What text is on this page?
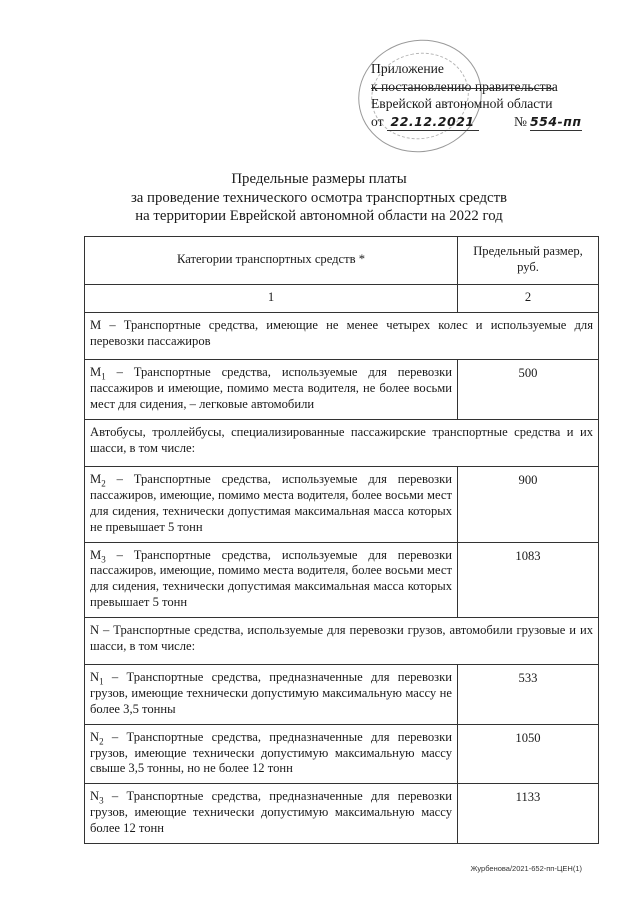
Приложение
к постановлению правительства
Еврейской автономной области
от 22.12.2021	№ 554-пп
Предельные размеры платы
за проведение технического осмотра транспортных средств
на территории Еврейской автономной области на 2022 год
Категории транспортных средств *	Предельный размер, руб.
1	2
М – Транспортные средства, имеющие не менее четырех колес и используемые для перевозки пассажиров	
$М_1$ – Транспортные средства, используемые для перевозки пассажиров и имеющие, помимо места водителя, не более восьми мест для сидения, – легковые автомобили	500
Автобусы, троллейбусы, специализированные пассажирские транспортные средства и их шасси, в том числе:	
$М_2$ – Транспортные средства, используемые для перевозки пассажиров, имеющие, помимо места водителя, более восьми мест для сидения, технически допустимая максимальная масса которых не превышает 5 тонн	900
$М_3$ – Транспортные средства, используемые для перевозки пассажиров, имеющие, помимо места водителя, более восьми мест для сидения, технически допустимая максимальная масса которых превышает 5 тонн	1083
N – Транспортные средства, используемые для перевозки грузов, автомобили грузовые и их шасси, в том числе:	
$N_1$ – Транспортные средства, предназначенные для перевозки грузов, имеющие технически допустимую максимальную массу не более 3,5 тонны	533
$N_2$ – Транспортные средства, предназначенные для перевозки грузов, имеющие технически допустимую максимальную массу свыше 3,5 тонны, но не более 12 тонн	1050
$N_3$ – Транспортные средства, предназначенные для перевозки грузов, имеющие технически допустимую максимальную массу более 12 тонн	1133
Журбенова/2021-652-пп-ЦЕН(1)
